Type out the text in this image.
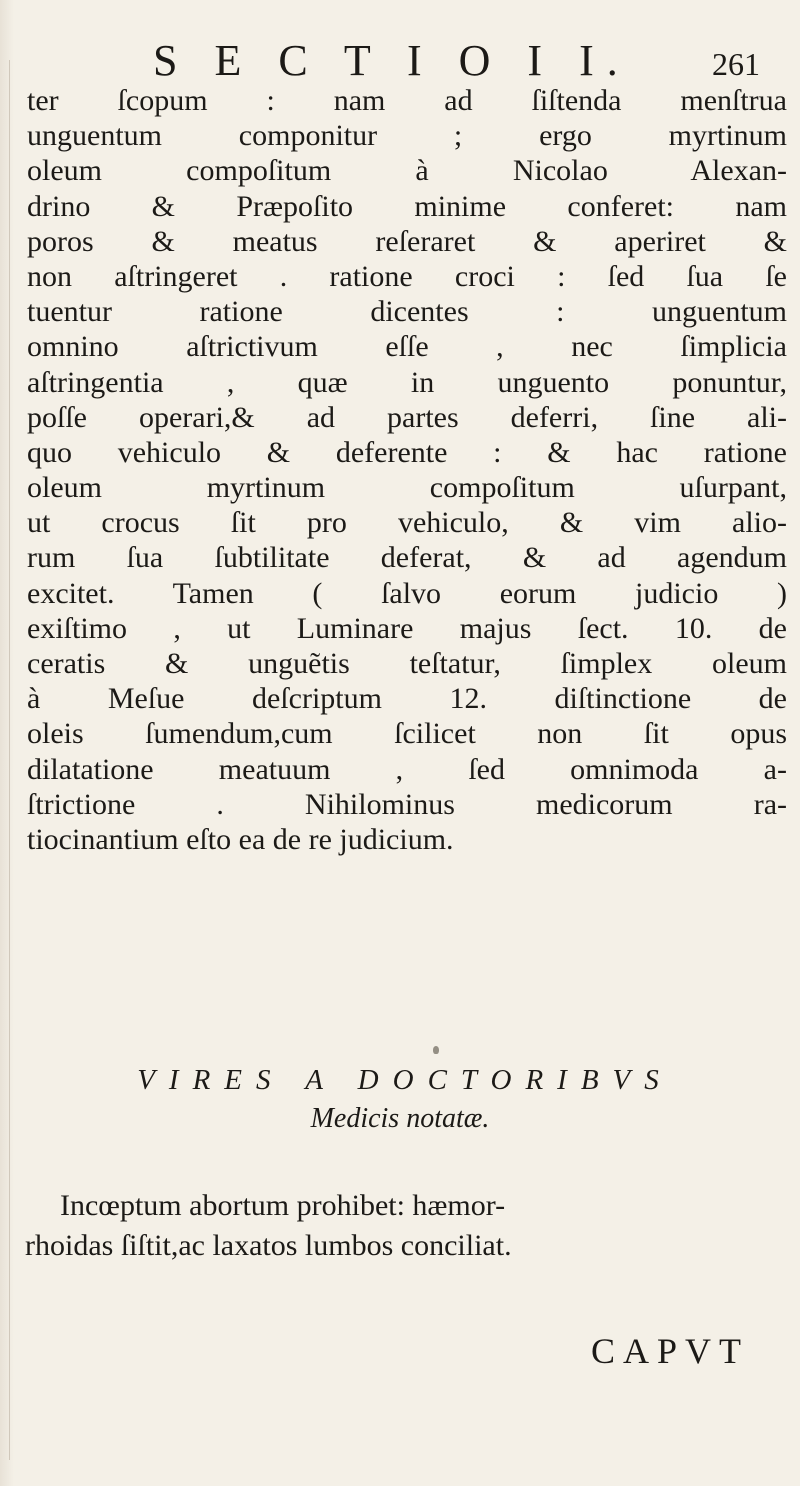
S E C T I O I I.	261
ter ſcopum : nam ad ſiſtenda menſtrua
unguentum componitur ; ergo myrtinum
oleum compoſitum à Nicolao Alexan-
drino & Præpoſito minime conferet: nam
poros & meatus reſeraret & aperiret &
non aſtringeret . ratione croci : ſed ſua ſe
tuentur ratione dicentes : unguentum
omnino aſtrictivum eſſe , nec ſimplicia
aſtringentia , quæ in unguento ponuntur,
poſſe operari,& ad partes deferri, ſine ali-
quo vehiculo & deferente : & hac ratione
oleum myrtinum compoſitum uſurpant,
ut crocus ſit pro vehiculo, & vim alio-
rum ſua ſubtilitate deferat, & ad agendum
excitet. Tamen ( ſalvo eorum judicio )
exiſtimo , ut Luminare majus ſect. 10. de
ceratis & unguẽtis teſtatur, ſimplex oleum
à Meſue deſcriptum 12. diſtinctione de
oleis ſumendum,cum ſcilicet non ſit opus
dilatatione meatuum , ſed omnimoda a-
ſtrictione . Nihilominus medicorum ra-
tiocinantium eſto ea de re judicium.
VIRES A DOCTORIBVS
Medicis notatæ.
Incœptum abortum prohibet: hæmor-
rhoidas ſiſtit,ac laxatos lumbos conciliat.
CAPVT
